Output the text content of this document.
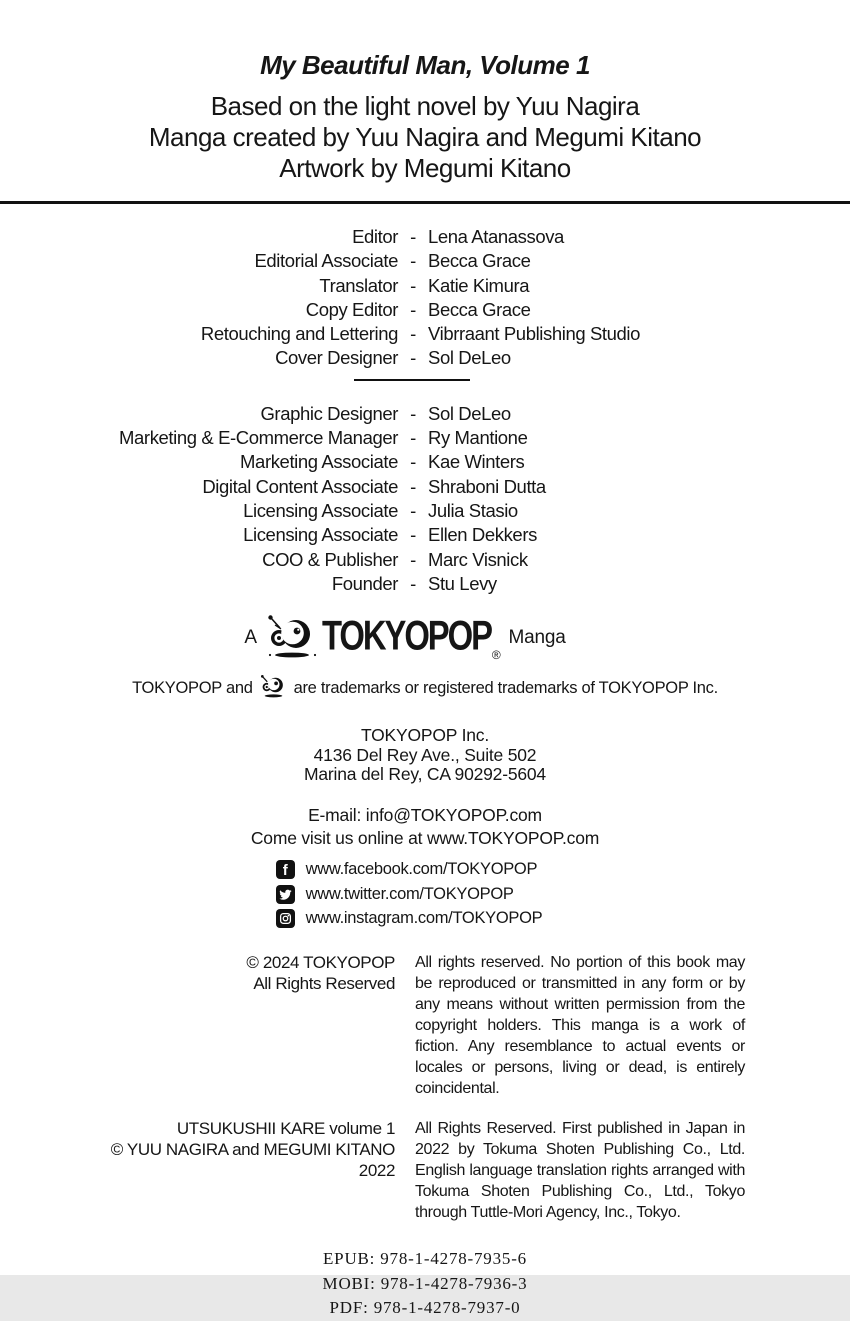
My Beautiful Man, Volume 1
Based on the light novel by Yuu Nagira
Manga created by Yuu Nagira and Megumi Kitano
Artwork by Megumi Kitano
Editor - Lena Atanassova
Editorial Associate - Becca Grace
Translator - Katie Kimura
Copy Editor - Becca Grace
Retouching and Lettering - Vibrraant Publishing Studio
Cover Designer - Sol DeLeo
Graphic Designer - Sol DeLeo
Marketing & E-Commerce Manager - Ry Mantione
Marketing Associate - Kae Winters
Digital Content Associate - Shraboni Dutta
Licensing Associate - Julia Stasio
Licensing Associate - Ellen Dekkers
COO & Publisher - Marc Visnick
Founder - Stu Levy
A $TOKYOPOP_®$
Manga
TOKYOPOP and are trademarks or registered trademarks of TOKYOPOP Inc.
TOKYOPOP Inc.
4136 Del Rey Ave., Suite 502
Marina del Rey, CA 90292-5604
E-mail: info@TOKYOPOP.com
Come visit us online at www.TOKYOPOP.com
f www.facebook.com/TOKYOPOP
www.twitter.com/TOKYOPOP
www.instagram.com/TOKYOPOP
© 2024 TOKYOPOP
All Rights Reserved
All rights reserved. No portion of this book may be reproduced or transmitted in any form or by any means without written permission from the copyright holders. This manga is a work of fiction. Any resemblance to actual events or locales or persons, living or dead, is entirely coincidental.
UTSUKUSHII KARE volume 1
© YUU NAGIRA and MEGUMI KITANO 2022
All Rights Reserved. First published in Japan in 2022 by Tokuma Shoten Publishing Co., Ltd. English language translation rights arranged with Tokuma Shoten Publishing Co., Ltd., Tokyo through Tuttle-Mori Agency, Inc., Tokyo.
EPUB: 978-1-4278-7935-6
MOBI: 978-1-4278-7936-3
PDF: 978-1-4278-7937-0
